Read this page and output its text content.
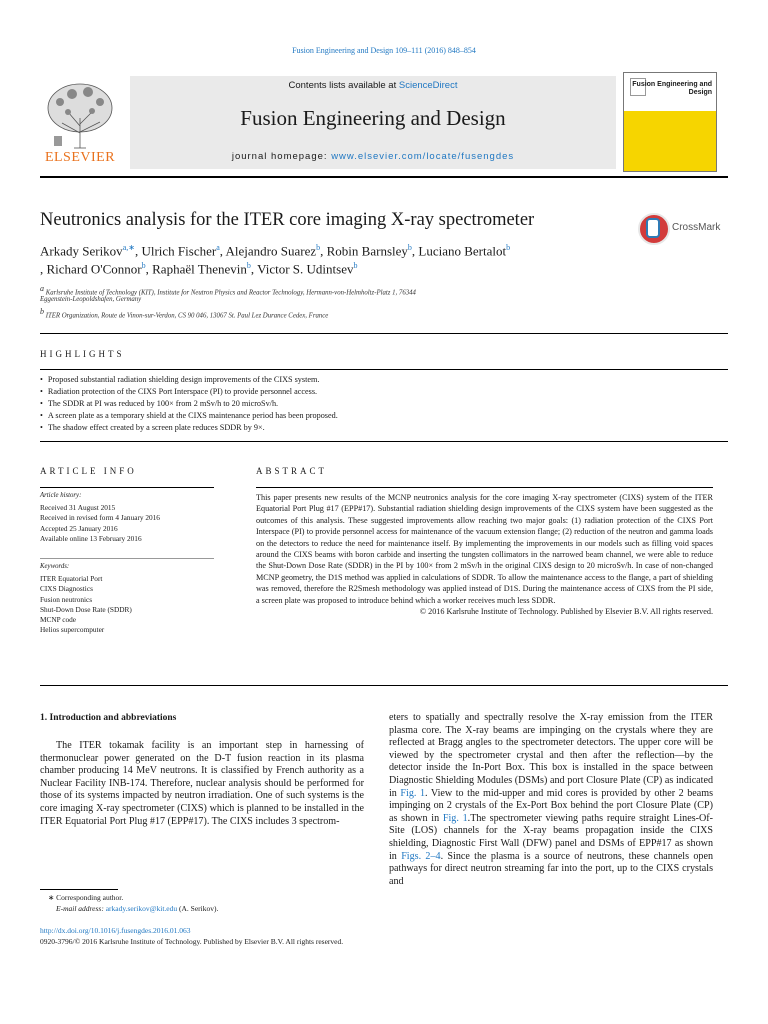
Fusion Engineering and Design 109–111 (2016) 848–854
Contents lists available at ScienceDirect
Fusion Engineering and Design
journal homepage: www.elsevier.com/locate/fusengdes
ELSEVIER
Fusion Engineering and Design
Neutronics analysis for the ITER core imaging X-ray spectrometer	CrossMark
Arkady Serikov$^{a,∗}$, Ulrich Fischer$^a$, Alejandro Suarez$^b$, Robin Barnsley$^b$, Luciano Bertalot$^b$
, Richard O'Connor$^b$, Raphaël Thenevin$^b$, Victor S. Udintsev$^b$
$^a$ Karlsruhe Institute of Technology (KIT), Institute for Neutron Physics and Reactor Technology, Hermann-von-Helmholtz-Platz 1, 76344
Eggenstein-Leopoldshafen, Germany
$^b$ ITER Organization, Route de Vinon-sur-Verdon, CS 90 046, 13067 St. Paul Lez Durance Cedex, France
HIGHLIGHTS
• Proposed substantial radiation shielding design improvements of the CIXS system.
• Radiation protection of the CIXS Port Interspace (PI) to provide personnel access.
• The SDDR at PI was reduced by 100× from 2 mSv/h to 20 microSv/h.
• A screen plate as a temporary shield at the CIXS maintenance period has been proposed.
• The shadow effect created by a screen plate reduces SDDR by 9×.
ARTICLE INFO
Article history:
Received 31 August 2015
Received in revised form 4 January 2016
Accepted 25 January 2016
Available online 13 February 2016
Keywords:
ITER Equatorial Port
CIXS Diagnostics
Fusion neutronics
Shut-Down Dose Rate (SDDR)
MCNP code
Helios supercomputer
ABSTRACT
This paper presents new results of the MCNP neutronics analysis for the core imaging X-ray spectrometer (CIXS) system of the ITER Equatorial Port Plug #17 (EPP#17). Substantial radiation shielding design improvements of the CIXS system have been suggested as the outcomes of this analysis. These suggested improvements allow reaching two major goals: (1) radiation protection of the CIXS Port Interspace (PI) to provide personnel access for maintenance of the vacuum extension flange; (2) reduction of the neutron and gamma loads on the detectors to reduce the need for maintenance itself. By implementing the improvements in our models such as filling void spaces around the CIXS beams with boron carbide and inserting the tungsten collimators in the narrowed beam channel, we were able to reduce the Shut-Down Dose Rate (SDDR) in the PI by 100× from 2 mSv/h in the original CIXS design to 20 microSv/h. In case of non-changed MCNP geometry, the D1S method was applied in calculations of SDDR. To allow the maintenance access to the flange, a part of shielding was removed, therefore the R2Smesh methodology was applied instead of D1S. During the maintenance access of CIXS from the PI side, a screen plate was proposed to introduce behind which a worker receives much less SDDR.
© 2016 Karlsruhe Institute of Technology. Published by Elsevier B.V. All rights reserved.
1. Introduction and abbreviations
The ITER tokamak facility is an important step in harnessing of thermonuclear power generated on the D-T fusion reaction in its plasma chamber producing 14 MeV neutrons. It is classified by French authority as a Nuclear Facility INB-174. Therefore, nuclear analysis should be performed for those of its systems impacted by neutron irradiation. One of such systems is the core imaging X-ray spectrometer (CIXS) which is planned to be installed in the ITER Equatorial Port Plug #17 (EPP#17). The CIXS includes 3 spectrom-
eters to spatially and spectrally resolve the X-ray emission from the ITER plasma core. The X-ray beams are impinging on the crystals where they are reflected at Bragg angles to the spectrometer detectors. The upper core will be viewed by the spectrometer crystal and then after the reflection—by the detector inside the In-Port Box. This box is installed in the space between Diagnostic Shielding Modules (DSMs) and port Closure Plate (CP) as indicated in Fig. 1. View to the mid-upper and mid cores is provided by other 2 beams impinging on 2 crystals of the Ex-Port Box behind the port Closure Plate (CP) as shown in Fig. 1.The spectrometer viewing paths require straight Lines-Of-Site (LOS) channels for the X-ray beams propagation inside the CIXS shielding, Diagnostic First Wall (DFW) panel and DSMs of EPP#17 as shown in Figs. 2–4. Since the plasma is a source of neutrons, these channels open pathways for direct neutron streaming far into the port, up to the CIXS crystals and
∗ Corresponding author.
E-mail address: arkady.serikov@kit.edu (A. Serikov).
http://dx.doi.org/10.1016/j.fusengdes.2016.01.063
0920-3796/© 2016 Karlsruhe Institute of Technology. Published by Elsevier B.V. All rights reserved.
